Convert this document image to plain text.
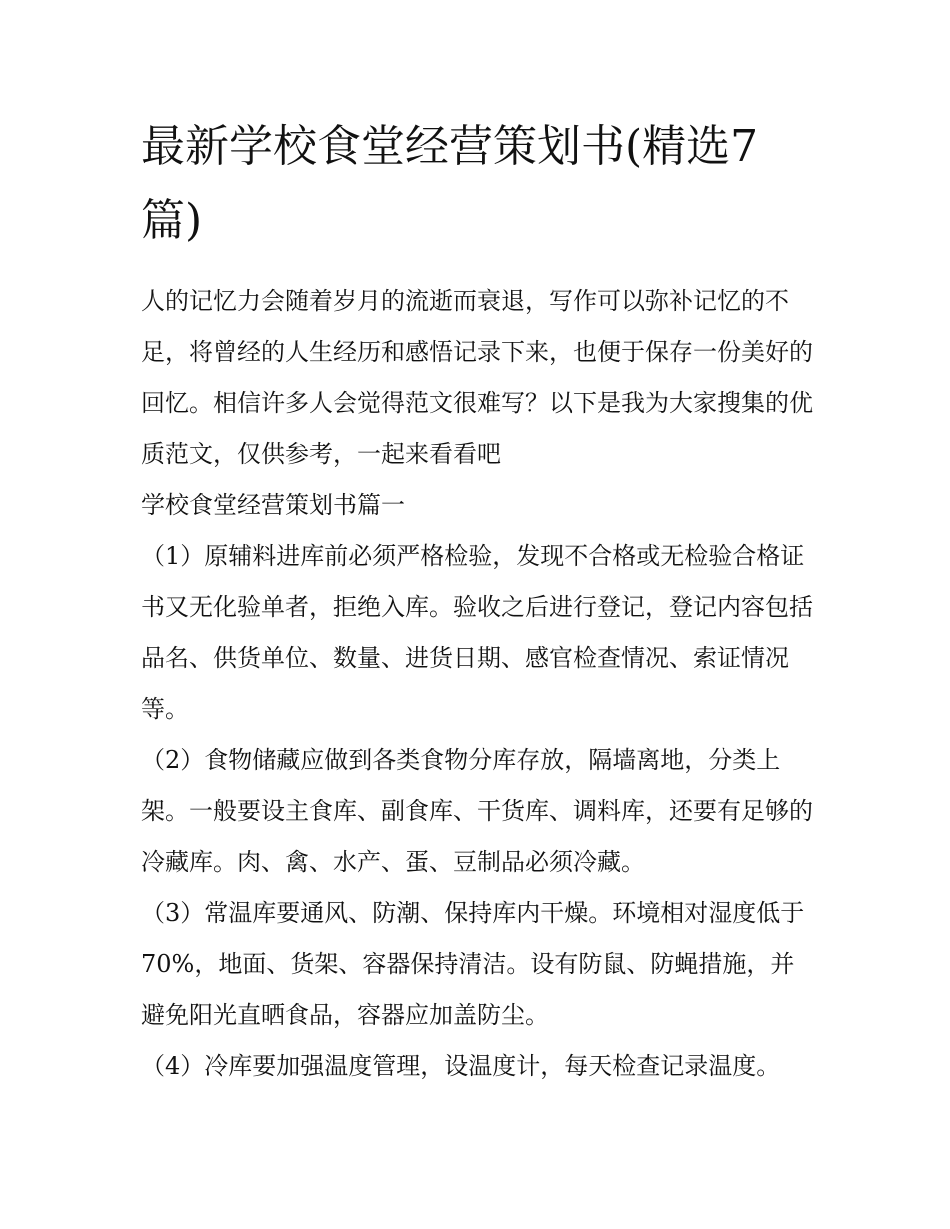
最新学校食堂经营策划书(精选7篇)

人的记忆力会随着岁月的流逝而衰退，写作可以弥补记忆的不足，将曾经的人生经历和感悟记录下来，也便于保存一份美好的回忆。相信许多人会觉得范文很难写？以下是我为大家搜集的优质范文，仅供参考，一起来看看吧

学校食堂经营策划书篇一

（1）原辅料进库前必须严格检验，发现不合格或无检验合格证书又无化验单者，拒绝入库。验收之后进行登记，登记内容包括品名、供货单位、数量、进货日期、感官检查情况、索证情况等。

（2）食物储藏应做到各类食物分库存放，隔墙离地，分类上架。一般要设主食库、副食库、干货库、调料库，还要有足够的冷藏库。肉、禽、水产、蛋、豆制品必须冷藏。

（3）常温库要通风、防潮、保持库内干燥。环境相对湿度低于70%，地面、货架、容器保持清洁。设有防鼠、防蝇措施，并避免阳光直晒食品，容器应加盖防尘。

（4）冷库要加强温度管理，设温度计，每天检查记录温度。
